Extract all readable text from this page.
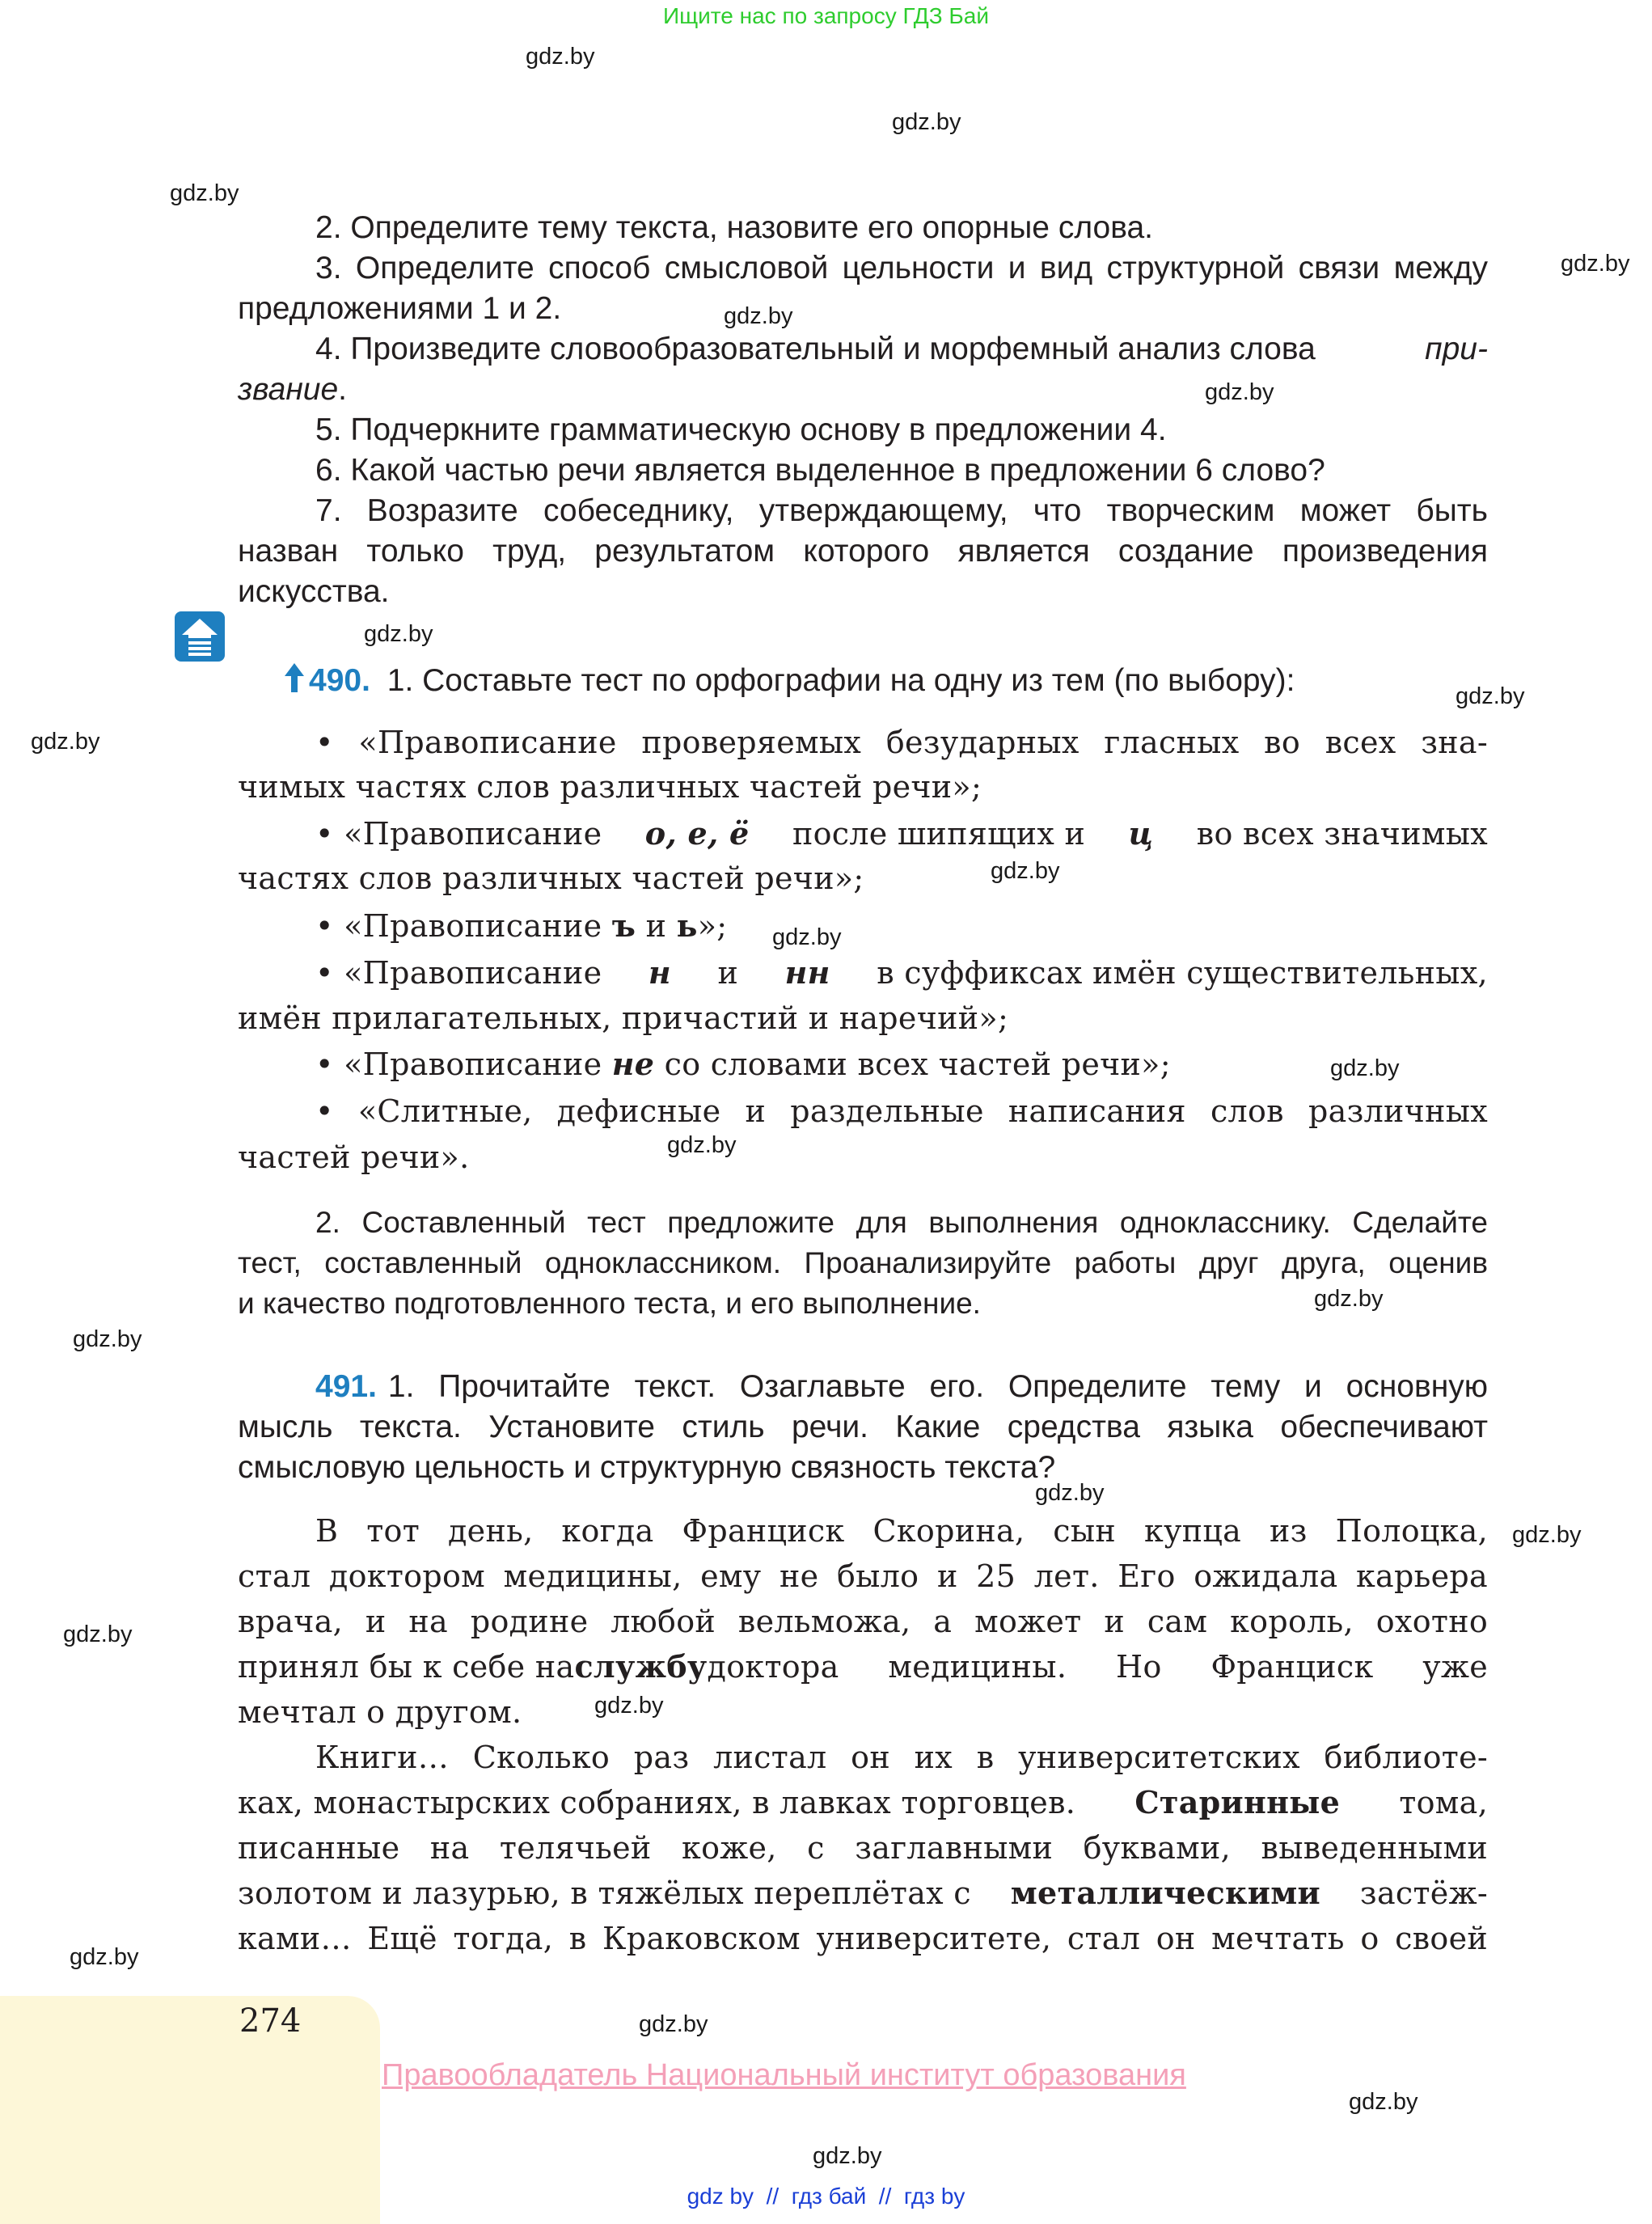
Ищите нас по запросу ГДЗ Бай
gdz.by
gdz.by
gdz.by
gdz.by
gdz.by
gdz.by
gdz.by
gdz.by
gdz.by
gdz.by
gdz.by
gdz.by
gdz.by
gdz.by
gdz.by
gdz.by
gdz.by
gdz.by
gdz.by
gdz.by
gdz.by
gdz.by
gdz.by
2. Определите тему текста, назовите его опорные слова.
3. Определите способ смысловой цельности и вид структурной связи между
предложениями 1 и 2.
4. Произведите словообразовательный и морфемный анализ слова	при-
звание.
5. Подчеркните грамматическую основу в предложении 4.
6. Какой частью речи является выделенное в предложении 6 слово?
7. Возразите собеседнику, утверждающему, что творческим может быть
назван только труд, результатом которого является создание произведения
искусства.
490. 1. Составьте тест по орфографии на одну из тем (по выбору):
• «Правописание проверяемых безударных гласных во всех зна-
чимых частях слов различных частей речи»;
• «Правописание о, е, ё после шипящих и ц во всех значимых
частях слов различных частей речи»;
• «Правописание ъ и ь»;
• «Правописание н и нн в суффиксах имён существительных,
имён прилагательных, причастий и наречий»;
• «Правописание не со словами всех частей речи»;
• «Слитные, дефисные и раздельные написания слов различных
частей речи».
2. Составленный тест предложите для выполнения однокласснику. Сделайте
тест, составленный одноклассником. Проанализируйте работы друг друга, оценив
и качество подготовленного теста, и его выполнение.
491. 1. Прочитайте текст. Озаглавьте его. Определите тему и основную
мысль текста. Установите стиль речи. Какие средства языка обеспечивают
смысловую цельность и структурную связность текста?
В тот день, когда Франциск Скорина, сын купца из Полоцка,
стал доктором медицины, ему не было и 25 лет. Его ожидала карьера
врача, и на родине любой вельможа, а может и сам король, охотно
принял бы к себе на службу доктора медицины. Но Франциск уже
мечтал о другом.
Книги… Сколько раз листал он их в университетских библиоте-
ках, монастырских собраниях, в лавках торговцев. Старинные тома,
писанные на телячьей коже, с заглавными буквами, выведенными
золотом и лазурью, в тяжёлых переплётах с металлическими застёж-
ками… Ещё тогда, в Краковском университете, стал он мечтать о своей
274
Правообладатель Национальный институт образования
gdz by  //  гдз бай  //  гдз by
